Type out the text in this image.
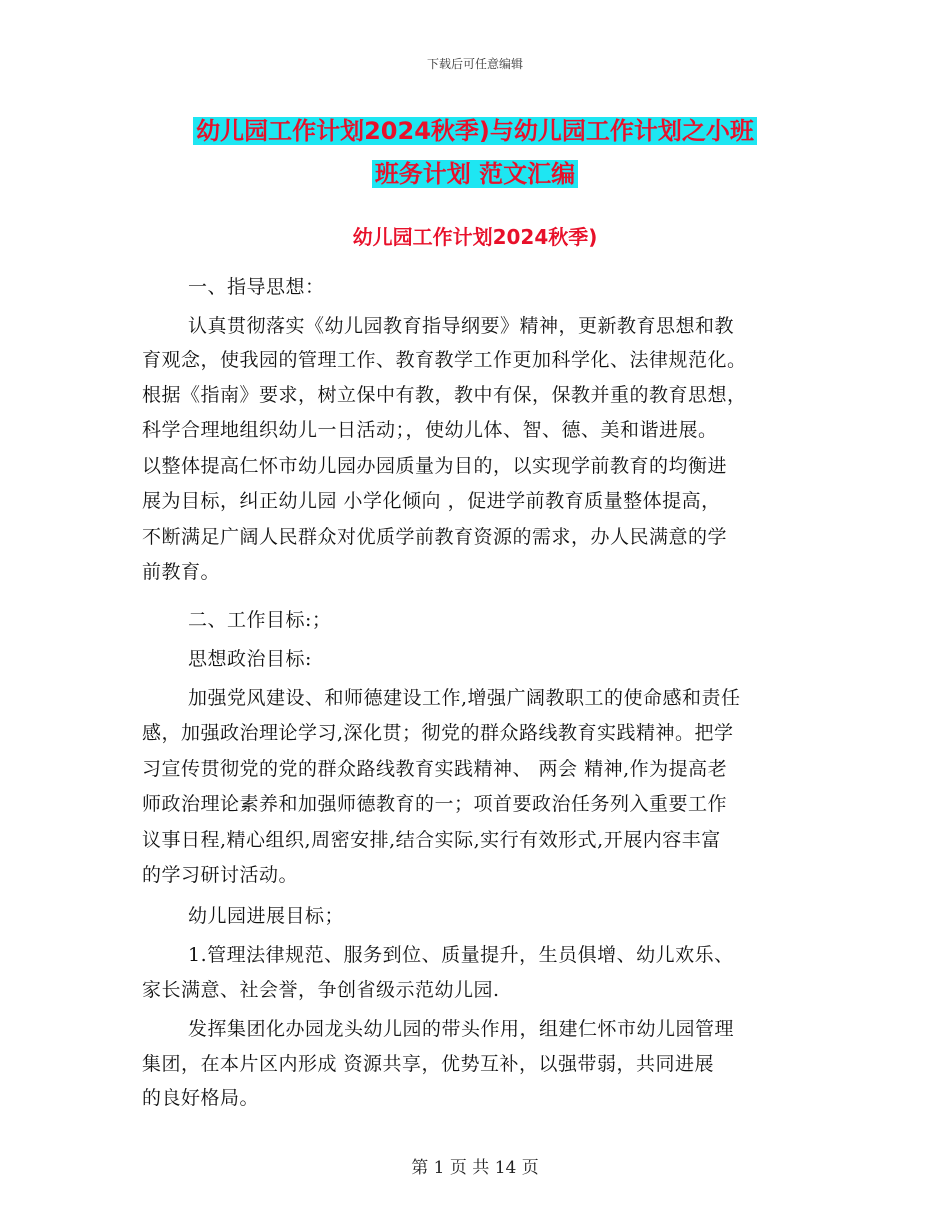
下载后可任意编辑
幼儿园工作计划2024秋季)与幼儿园工作计划之小班
班务计划 范文汇编
幼儿园工作计划2024秋季)
一、指导思想：
认真贯彻落实《幼儿园教育指导纲要》精神，更新教育思想和教
育观念，使我园的管理工作、教育教学工作更加科学化、法律规范化。
根据《指南》要求，树立保中有教，教中有保，保教并重的教育思想，
科学合理地组织幼儿一日活动；，使幼儿体、智、德、美和谐进展。
以整体提高仁怀市幼儿园办园质量为目的，以实现学前教育的均衡进
展为目标，纠正幼儿园 小学化倾向 ，促进学前教育质量整体提高，
不断满足广阔人民群众对优质学前教育资源的需求，办人民满意的学
前教育。
二、工作目标:；
思想政治目标:
加强党风建设、和师德建设工作,增强广阔教职工的使命感和责任
感，加强政治理论学习,深化贯；彻党的群众路线教育实践精神。把学
习宣传贯彻党的党的群众路线教育实践精神、 两会 精神,作为提高老
师政治理论素养和加强师德教育的一；项首要政治任务列入重要工作
议事日程,精心组织,周密安排,结合实际,实行有效形式,开展内容丰富
的学习研讨活动。
幼儿园进展目标；
1.管理法律规范、服务到位、质量提升，生员俱增、幼儿欢乐、
家长满意、社会誉，争创省级示范幼儿园.
发挥集团化办园龙头幼儿园的带头作用，组建仁怀市幼儿园管理
集团，在本片区内形成 资源共享，优势互补，以强带弱，共同进展
的良好格局。
第 1 页 共 14 页
